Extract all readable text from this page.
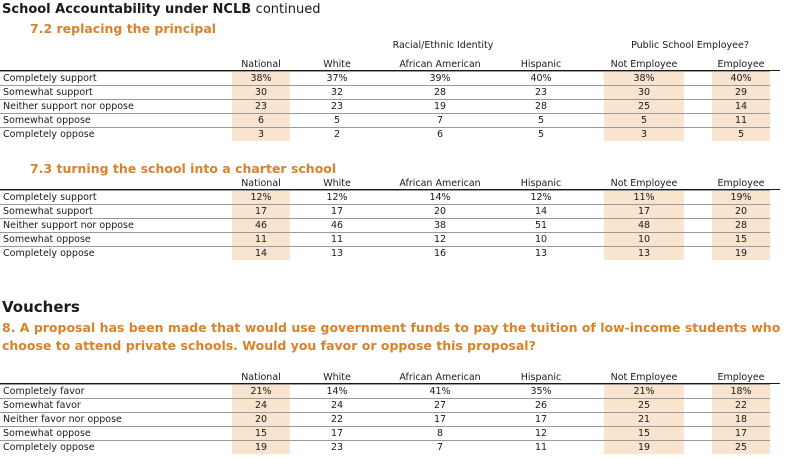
School Accountability under NCLB continued
7.2 replacing the principal
Racial/Ethnic Identity	Public School Employee?
National	White	African American	Hispanic	Not Employee	Employee
Completely support	38%		37%		39%		40%		38%		40%
Somewhat support	30		32		28		23		30		29
Neither support nor oppose	23		23		19		28		25		14
Somewhat oppose	6		5		7		5		5		11
Completely oppose	3		2		6		5		3		5
7.3 turning the school into a charter school
National	White	African American	Hispanic	Not Employee	Employee
Completely support	12%		12%		14%		12%		11%		19%
Somewhat support	17		17		20		14		17		20
Neither support nor oppose	46		46		38		51		48		28
Somewhat oppose	11		11		12		10		10		15
Completely oppose	14		13		16		13		13		19
Vouchers
8. A proposal has been made that would use government funds to pay the tuition of low-income students who choose to attend private schools. Would you favor or oppose this proposal?
National	White	African American	Hispanic	Not Employee	Employee
Completely favor	21%		14%		41%		35%		21%		18%
Somewhat favor	24		24		27		26		25		22
Neither favor nor oppose	20		22		17		17		21		18
Somewhat oppose	15		17		8		12		15		17
Completely oppose	19		23		7		11		19		25
